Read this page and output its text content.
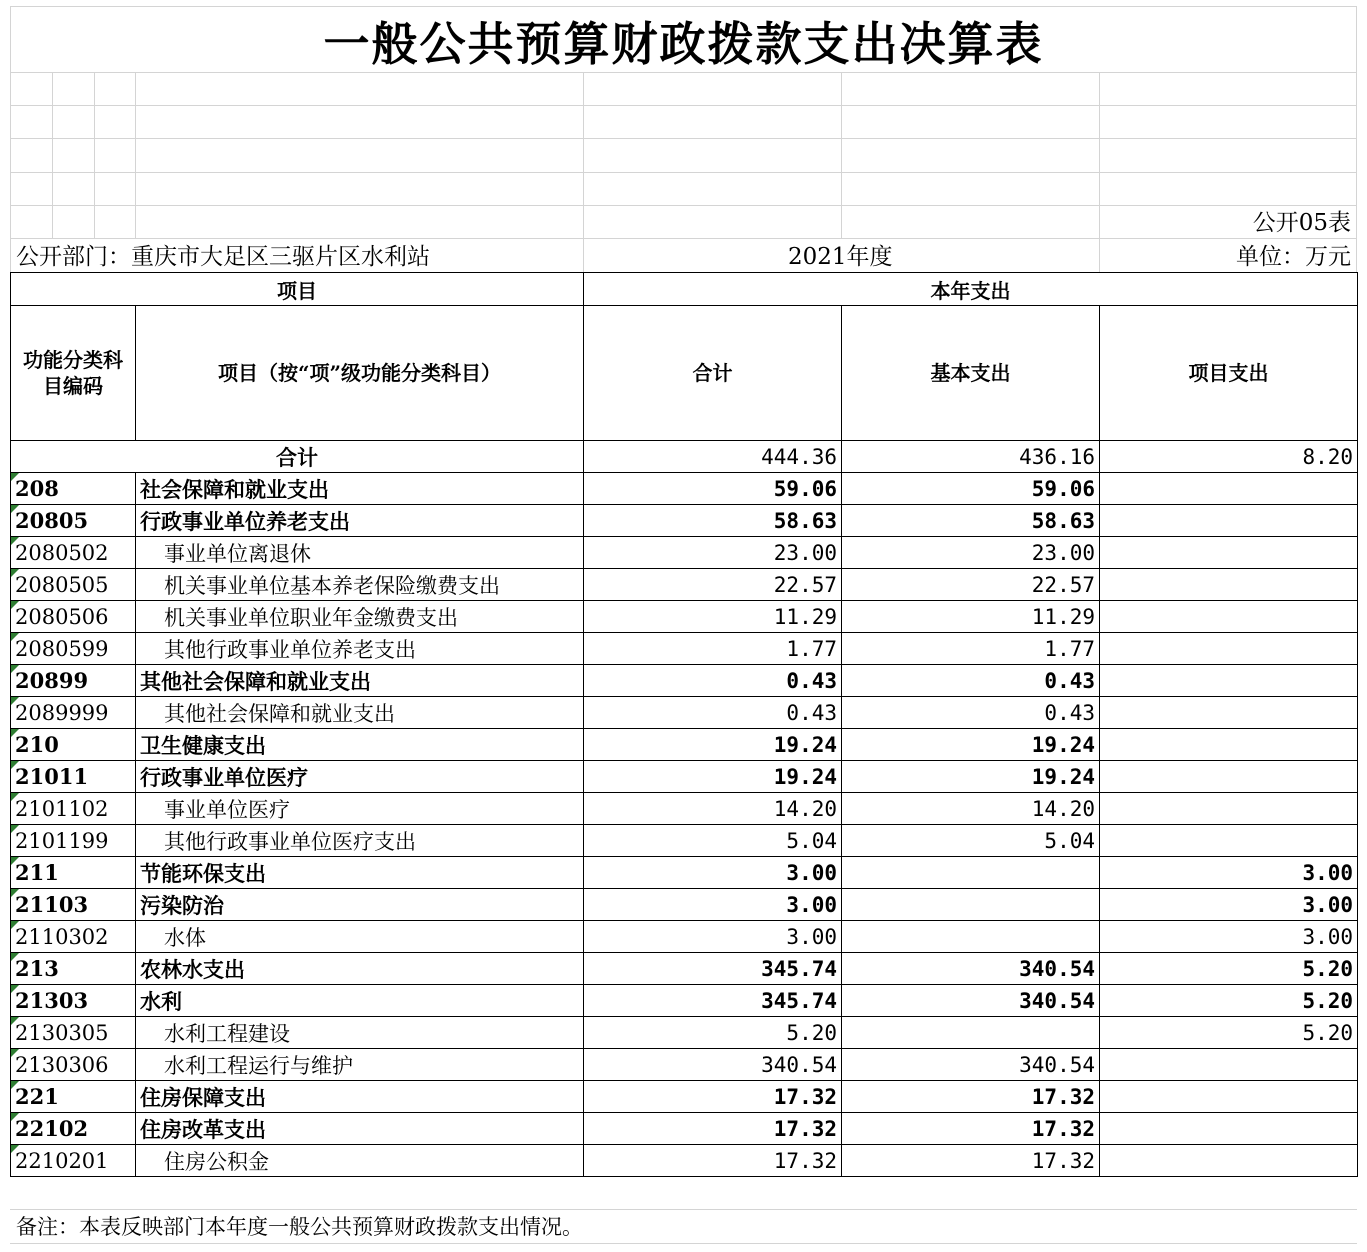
一般公共预算财政拨款支出决算表
公开05表
公开部门：重庆市大足区三驱片区水利站	2021年度	单位：万元
项目		本年支出		
功能分类科目编码	项目（按“项”级功能分类科目）	合计	基本支出	项目支出
合计		444.36	436.16	8.20
208	社会保障和就业支出	59.06	59.06	
20805	行政事业单位养老支出	58.63	58.63	
2080502	事业单位离退休	23.00	23.00	
2080505	机关事业单位基本养老保险缴费支出	22.57	22.57	
2080506	机关事业单位职业年金缴费支出	11.29	11.29	
2080599	其他行政事业单位养老支出	1.77	1.77	
20899	其他社会保障和就业支出	0.43	0.43	
2089999	其他社会保障和就业支出	0.43	0.43	
210	卫生健康支出	19.24	19.24	
21011	行政事业单位医疗	19.24	19.24	
2101102	事业单位医疗	14.20	14.20	
2101199	其他行政事业单位医疗支出	5.04	5.04	
211	节能环保支出	3.00		3.00
21103	污染防治	3.00		3.00
2110302	水体	3.00		3.00
213	农林水支出	345.74	340.54	5.20
21303	水利	345.74	340.54	5.20
2130305	水利工程建设	5.20		5.20
2130306	水利工程运行与维护	340.54	340.54	
221	住房保障支出	17.32	17.32	
22102	住房改革支出	17.32	17.32	
2210201	住房公积金	17.32	17.32	
备注：本表反映部门本年度一般公共预算财政拨款支出情况。
